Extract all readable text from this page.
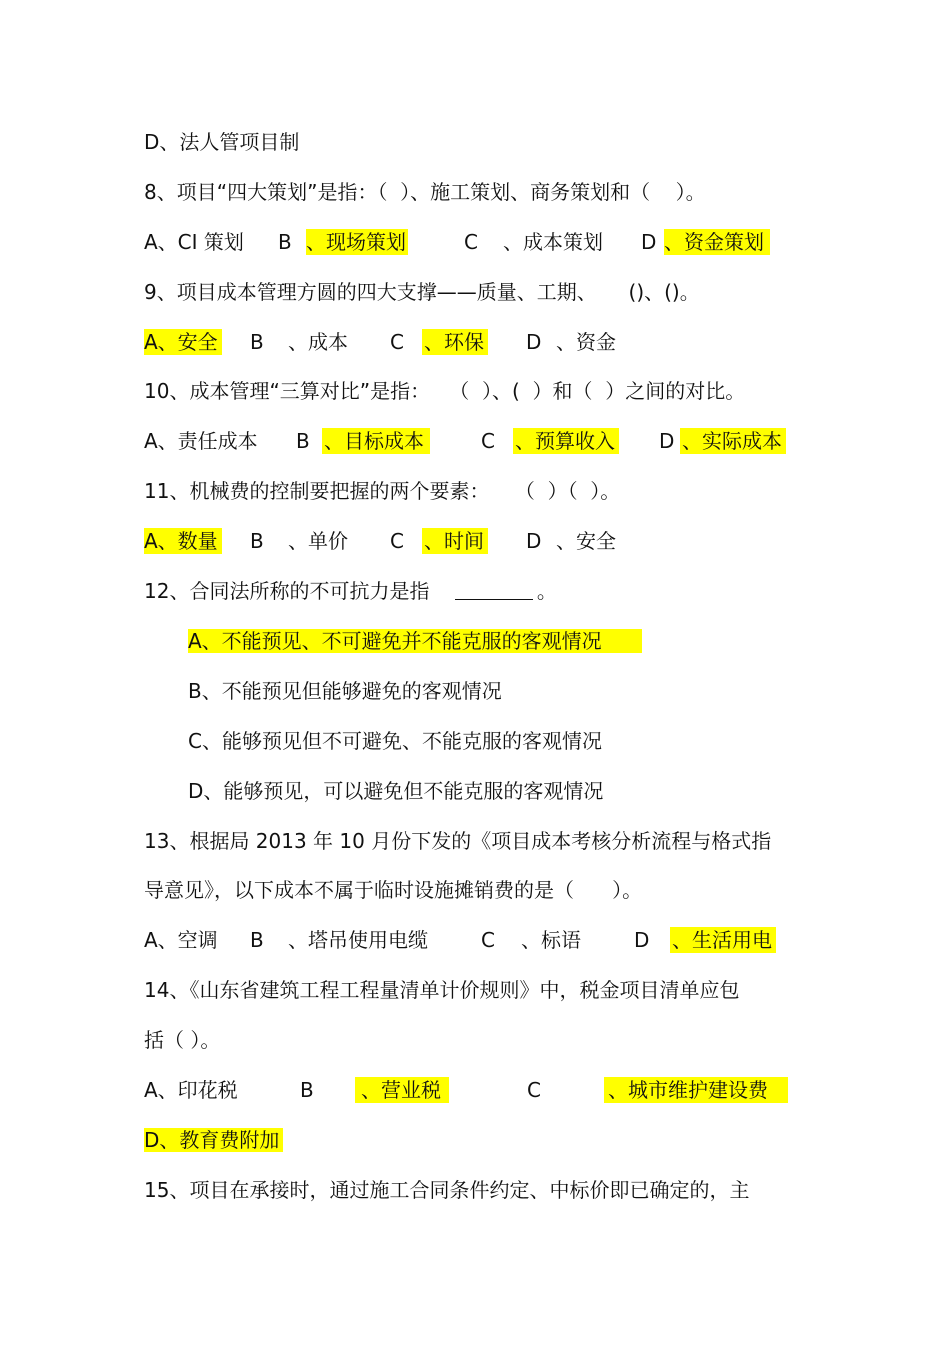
D、法人管项目制
8、项目“四大策划”是指：（  ）、施工策划、商务策划和（    ）。
A、CI 策划 B 、现场策划	C 、成本策划 D 、资金策划
9、项目成本管理方圆的四大支撑——质量、工期、     ()、()。
A、安全 B 、成本 C 、环保 D 、资金
10、成本管理“三算对比”是指：   （  ）、(  ）和（  ）之间的对比。
A、责任成本 B 、目标成本	C 、预算收入 D 、实际成本
11、机械费的控制要把握的两个要素：    （  ）（  ）。
A、数量 B 、单价 C 、时间 D 、安全
12、合同法所称的不可抗力是指	。
A、不能预见、不可避免并不能克服的客观情况
B、不能预见但能够避免的客观情况
C、能够预见但不可避免、不能克服的客观情况
D、能够预见，可以避免但不能克服的客观情况
13、根据局 2013 年 10 月份下发的《项目成本考核分析流程与格式指
导意见》，以下成本不属于临时设施摊销费的是（      ）。
A、空调 B 、塔吊使用电缆	C 、标语	D 、生活用电
14、《山东省建筑工程工程量清单计价规则》中，税金项目清单应包
括（ ）。
A、印花税	B	、营业税	C	、城市维护建设费
D、教育费附加
15、项目在承接时，通过施工合同条件约定、中标价即已确定的，主
